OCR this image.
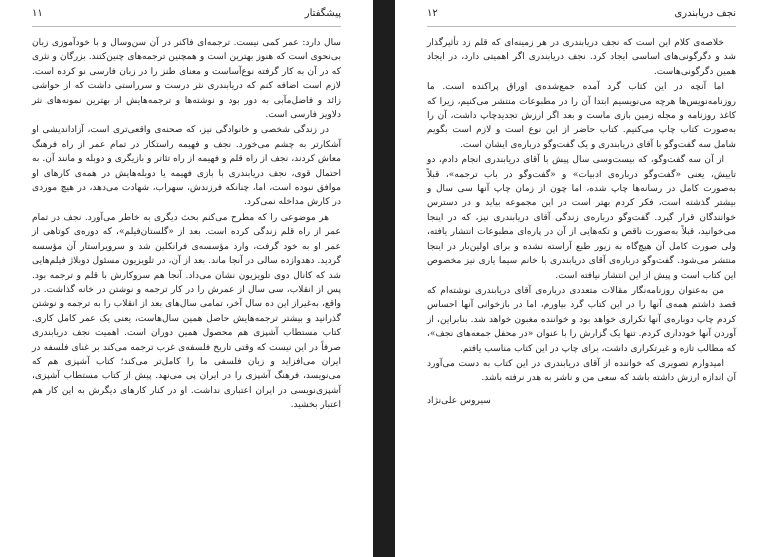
پیشگفتار
۱۱

سال دارد: عمر کمی نیست. ترجمه‌ای فاکنر در آن سن‌وسال و با خودآموزی زبان بی‌نحوی است که هنوز بهترین است و همچنین ترجمه‌های چنین‌کتند. بزرگان و نثری که در آن به کار گرفته نوع‌آساست و معنای طنز را در زبان فارسی نو کرده است. لازم است اضافه کنم که دریابندری نثر درست و سرراستی داشت که از حواشی زائد و فاضل‌مآبی به دور بود و نوشته‌ها و ترجمه‌هایش از بهترین نمونه‌های نثر دلاویز فارسی است.

در زندگی شخصی و خانوادگی نیز، که صحنه‌ی واقعی‌تری است، آزاداندیشی او آشکارتر به چشم می‌خورد. نجف و فهیمه راستکار در تمام عمر از راه فرهنگ معاش کردند، نجف از راه قلم و فهیمه از راه تئاتر و بازیگری و دوبله و مانند آن. به احتمال قوی، نجف دریابندری با بازی فهیمه یا دوبله‌هایش در همه‌ی کارهای او موافق نبوده است، اما، چنانکه فرزندش، سهراب، شهادت می‌دهد، در هیچ موردی در کارش مداخله نمی‌کرد.

هر موضوعی را که مطرح می‌کنم بحث دیگری به خاطر می‌آورد. نجف در تمام عمر از راه قلم زندگی کرده است. بعد از «گلستان‌فیلم»، که دوره‌ی کوتاهی از عمر او به خود گرفت، وارد مؤسسه‌ی فرانکلین شد و سرویراستار آن مؤسسه گردید. دهدوازده سالی در آنجا ماند. بعد از آن، در تلویزیون مسئول دوبلاژ فیلم‌هایی شد که کانال دوی تلویزیون نشان می‌داد. آنجا هم سروکارش با قلم و ترجمه بود. پس از انقلاب، سی سال از عمرش را در کار ترجمه و نوشتن در خانه گذاشت. در واقع، به‌غیراز این ده سال آخر، تمامی سال‌های بعد از انقلاب را به ترجمه و نوشتن گذرانید و بیشتر ترجمه‌هایش حاصل همین سال‌هاست، یعنی یک عمر کامل کاری. کتاب مستطاب آشپزی هم محصول همین دوران است. اهمیت نجف دریابندری صرفاً در این نیست که وقتی تاریخ فلسفه‌ی غرب ترجمه می‌کند بر غنای فلسفه در ایران می‌افزاید و زبان فلسفی ما را کامل‌تر می‌کند؛ کتاب آشپزی هم که می‌نویسد، فرهنگ آشپزی را در ایران پی می‌نهد. پیش از کتاب مستطاب آشپزی، آشپزی‌نویسی در ایران اعتباری نداشت. او در کنار کارهای دیگرش به این کار هم اعتبار بخشید.

نجف دریابندری
۱۲

خلاصه‌ی کلام این است که نجف دریابندری در هر زمینه‌ای که قلم زد تأثیرگذار شد و دگرگونی‌های اساسی ایجاد کرد. نجف دریابندری اگر اهمیتی دارد، در ایجاد همین دگرگونی‌هاست.

اما آنچه در این کتاب گرد آمده جمع‌شده‌ی اوراق پراکنده است. ما روزنامه‌نویس‌ها هرچه می‌نویسیم ابتدا آن را در مطبوعات منتشر می‌کنیم، زیرا که کاغذ روزنامه و مجله زمین بازی ماست و بعد اگر ارزش تجدیدچاپ داشت، آن را به‌صورت کتاب چاپ می‌کنیم. کتاب حاضر از این نوع است و لازم است بگویم شامل سه گفت‌وگو با آقای دریابندری و یک گفت‌وگو درباره‌ی ایشان است.

از آن سه گفت‌وگو، که بیست‌وسی سال پیش با آقای دریابندری انجام دادم، دو تاییش، یعنی «گفت‌وگو درباره‌ی ادبیات» و «گفت‌وگو در باب ترجمه»، قبلاً به‌صورت کامل در رسانه‌ها چاپ شده، اما چون از زمان چاپ آنها سی سال و بیشتر گذشته است، فکر کردم بهتر است در این مجموعه بیاید و در دسترس خوانندگان قرار گیرد. گفت‌وگو درباره‌ی زندگی آقای دریابندری نیز، که در اینجا می‌خوانید، قبلاً به‌صورت ناقص و تکه‌هایی از آن در پاره‌ای مطبوعات انتشار یافته، ولی صورت کامل آن هیچ‌گاه به زیور طبع آراسته نشده و برای اولین‌بار در اینجا منتشر می‌شود. گفت‌وگو درباره‌ی آقای دریابندری با خانم سیما یاری نیز مخصوص این کتاب است و پیش از این انتشار نیافته است.

من به‌عنوان روزنامه‌نگار مقالات متعددی درباره‌ی آقای دریابندری نوشته‌ام که قصد داشتم همه‌ی آنها را در این کتاب گرد بیاورم، اما در بازخوانی آنها احساس کردم چاپ دوباره‌ی آنها تکراری خواهد بود و خواننده مغبون خواهد شد. بنابراین، از آوردن آنها خودداری کردم. تنها یک گزارش را با عنوان «در محفل جمعه‌های نجف»، که مطالب تازه و غیرتکراری داشت، برای چاپ در این کتاب مناسب یافتم.

امیدوارم تصویری که خواننده از آقای دریابندری در این کتاب به دست می‌آورد آن اندازه ارزش داشته باشد که سعی من و ناشر به هدر نرفته باشد.

سیروس علی‌نژاد
